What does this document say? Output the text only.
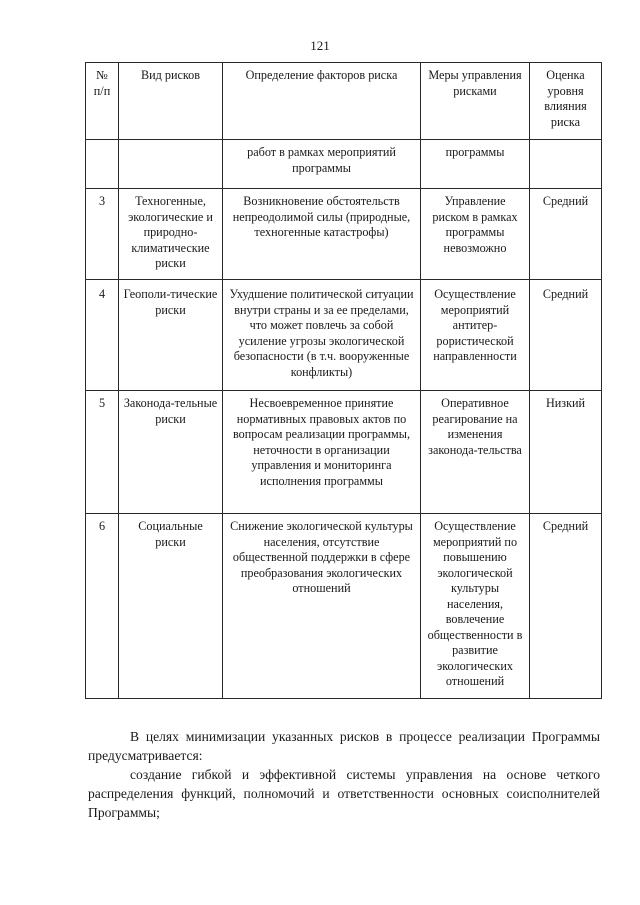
121
№ п/п	Вид рисков	Определение факторов риска	Меры управления рисками	Оценка уровня влияния риска
		работ в рамках мероприятий программы	программы	
3	Техногенные, экологические и природно-климатические риски	Возникновение обстоятельств непреодолимой силы (природные, техногенные катастрофы)	Управление риском в рамках программы невозможно	Средний
4	Геополи-тические риски	Ухудшение политической ситуации внутри страны и за ее пределами, что может повлечь за собой усиление угрозы экологической безопасности (в т.ч. вооруженные конфликты)	Осуществление мероприятий антитер-рористической направленности	Средний
5	Законода-тельные риски	Несвоевременное принятие нормативных правовых актов по вопросам реализации программы, неточности в организации управления и мониторинга исполнения программы	Оперативное реагирование на изменения законода-тельства	Низкий
6	Социальные риски	Снижение экологической культуры населения, отсутствие общественной поддержки в сфере преобразования экологических отношений	Осуществление мероприятий по повышению экологической культуры населения, вовлечение общественности в развитие экологических отношений	Средний

В целях минимизации указанных рисков в процессе реализации Программы предусматривается:

создание гибкой и эффективной системы управления на основе четкого распределения функций, полномочий и ответственности основных соисполнителей Программы;
